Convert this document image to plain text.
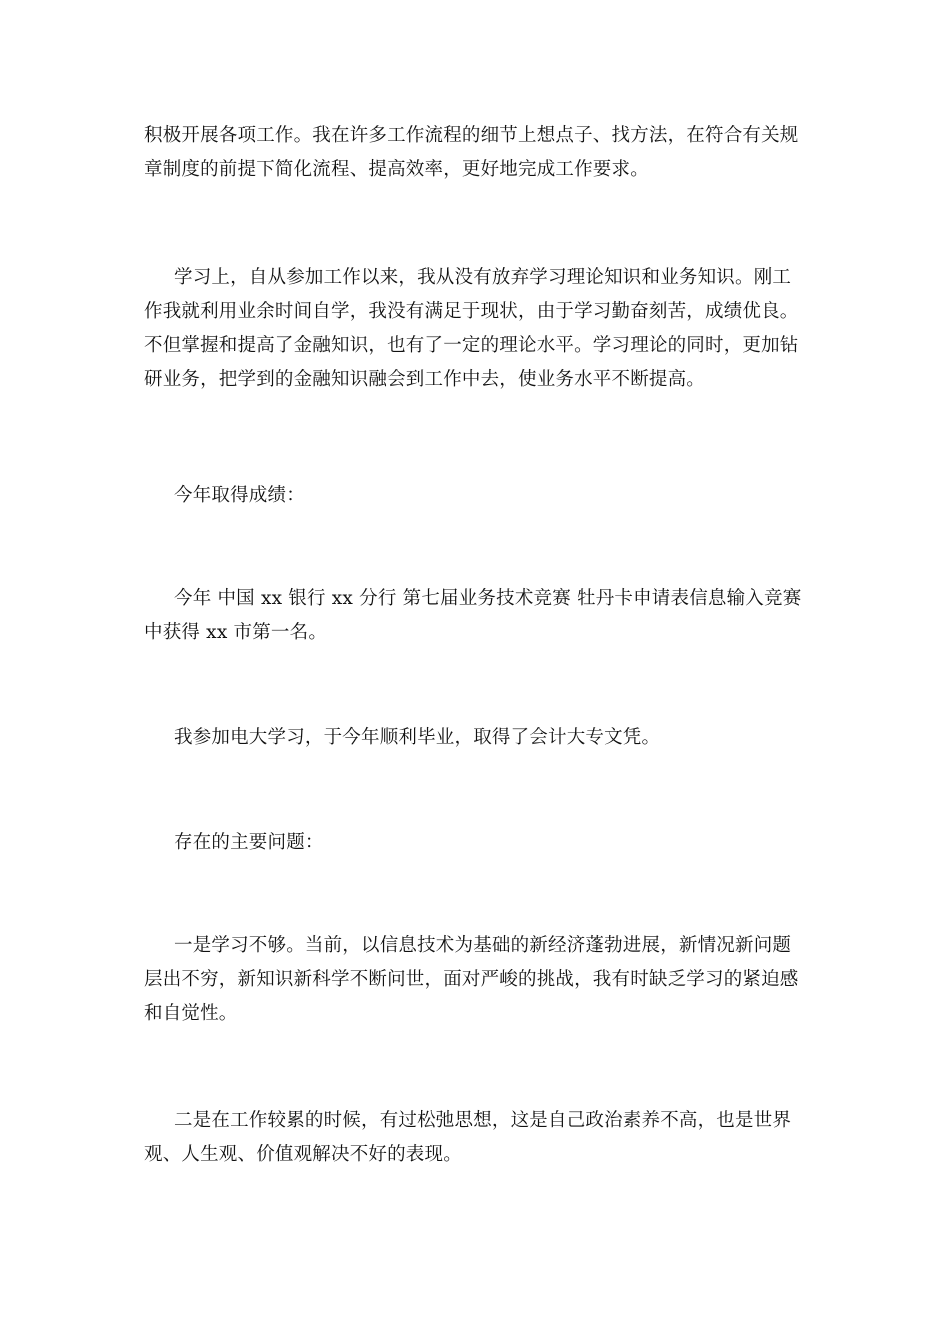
积极开展各项工作。我在许多工作流程的细节上想点子、找方法，在符合有关规章制度的前提下简化流程、提高效率，更好地完成工作要求。

学习上，自从参加工作以来，我从没有放弃学习理论知识和业务知识。刚工作我就利用业余时间自学，我没有满足于现状，由于学习勤奋刻苦，成绩优良。不但掌握和提高了金融知识，也有了一定的理论水平。学习理论的同时，更加钻研业务，把学到的金融知识融会到工作中去，使业务水平不断提高。

今年取得成绩：

今年 中国 xx 银行 xx 分行 第七届业务技术竞赛 牡丹卡申请表信息输入竞赛 中获得 xx 市第一名。

我参加电大学习，于今年顺利毕业，取得了会计大专文凭。

存在的主要问题：

一是学习不够。当前，以信息技术为基础的新经济蓬勃进展，新情况新问题层出不穷，新知识新科学不断问世，面对严峻的挑战，我有时缺乏学习的紧迫感和自觉性。

二是在工作较累的时候，有过松弛思想，这是自己政治素养不高，也是世界观、人生观、价值观解决不好的表现。
